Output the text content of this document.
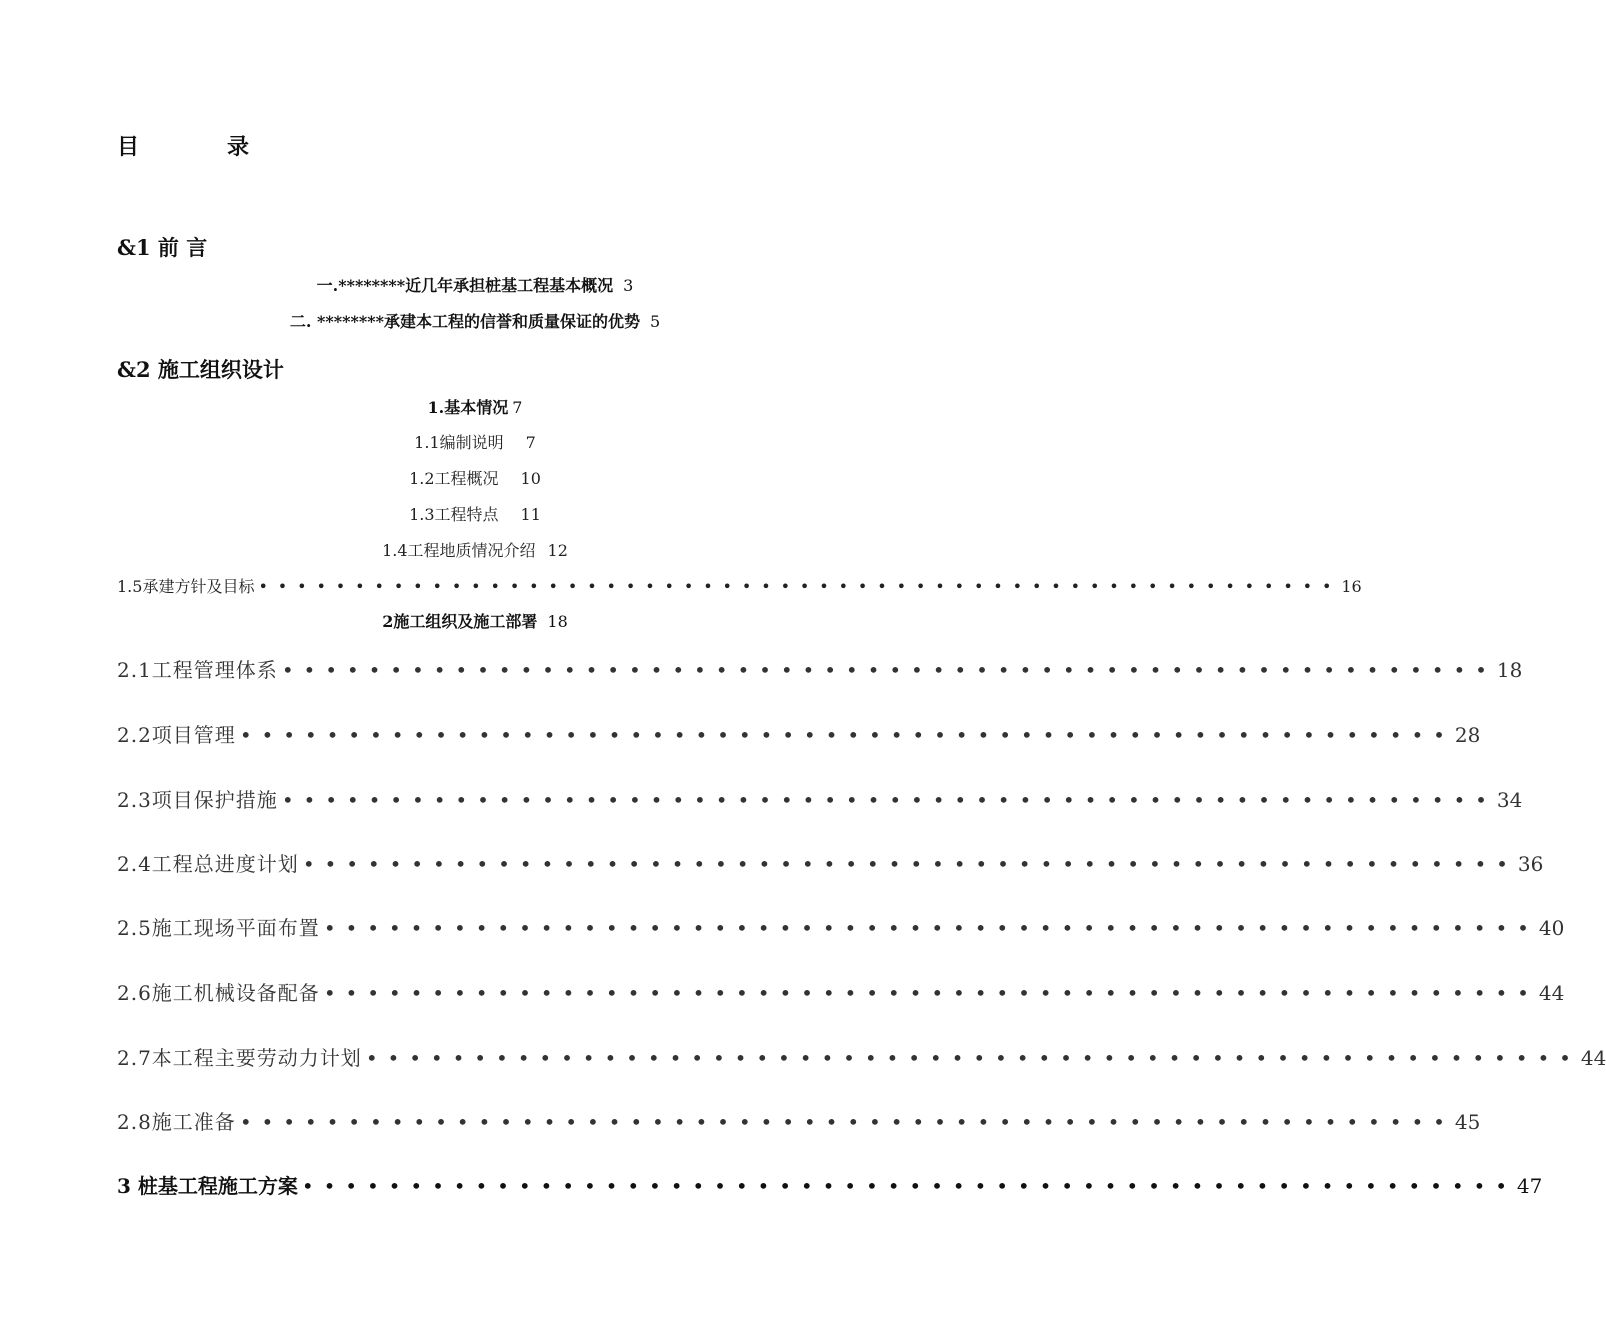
目	录
&1 前 言
一.********近几年承担桩基工程基本概况 3
二. ********承建本工程的信誉和质量保证的优势 5
&2 施工组织设计
1.基本情况 7
1.1编制说明 7
1.2工程概况 10
1.3工程特点 11
1.4工程地质情况介绍 12
1.5承建方针及目标 •••••••••••••••••••••••••••••••••••••••••••••••••••••••• 16
2施工组织及施工部署 18
2.1工程管理体系 •••••••••••••••••••••••••••••••••••••••••••••••••••••••• 18
2.2项目管理 •••••••••••••••••••••••••••••••••••••••••••••••••••••••• 28
2.3项目保护措施 •••••••••••••••••••••••••••••••••••••••••••••••••••••••• 34
2.4工程总进度计划 •••••••••••••••••••••••••••••••••••••••••••••••••••••••• 36
2.5施工现场平面布置 •••••••••••••••••••••••••••••••••••••••••••••••••••••••• 40
2.6施工机械设备配备 •••••••••••••••••••••••••••••••••••••••••••••••••••••••• 44
2.7本工程主要劳动力计划 •••••••••••••••••••••••••••••••••••••••••••••••••••••••• 44
2.8施工准备 •••••••••••••••••••••••••••••••••••••••••••••••••••••••• 45
3 桩基工程施工方案 •••••••••••••••••••••••••••••••••••••••••••••••••••••••• 47
